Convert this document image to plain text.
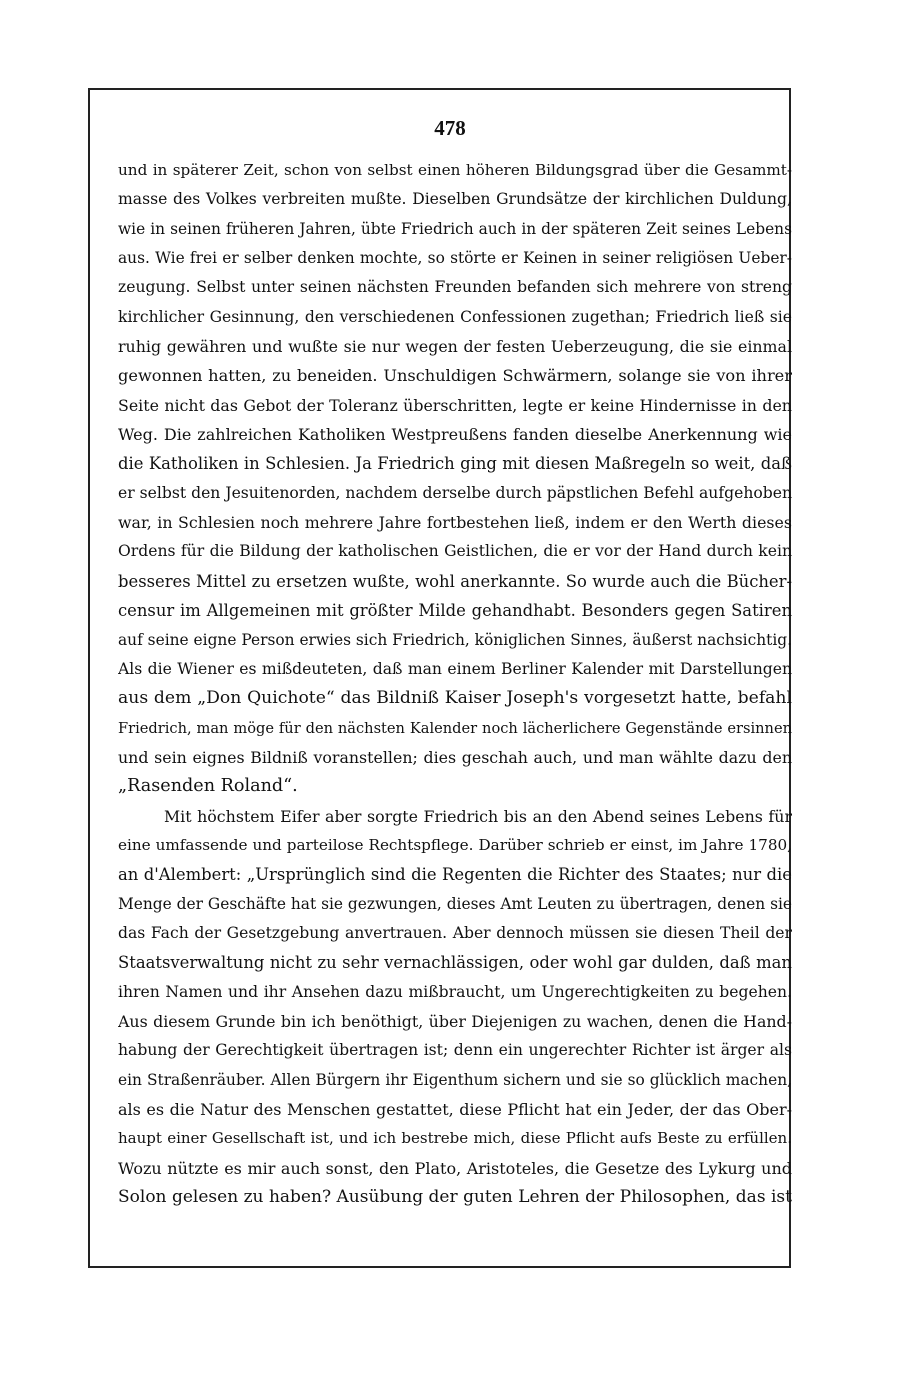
478
und in späterer Zeit, schon von selbst einen höheren Bildungsgrad über die Gesammt-
masse des Volkes verbreiten mußte. Dieselben Grundsätze der kirchlichen Duldung,
wie in seinen früheren Jahren, übte Friedrich auch in der späteren Zeit seines Lebens
aus. Wie frei er selber denken mochte, so störte er Keinen in seiner religiösen Ueber-
zeugung. Selbst unter seinen nächsten Freunden befanden sich mehrere von streng
kirchlicher Gesinnung, den verschiedenen Confessionen zugethan; Friedrich ließ sie
ruhig gewähren und wußte sie nur wegen der festen Ueberzeugung, die sie einmal
gewonnen hatten, zu beneiden. Unschuldigen Schwärmern, solange sie von ihrer
Seite nicht das Gebot der Toleranz überschritten, legte er keine Hindernisse in den
Weg. Die zahlreichen Katholiken Westpreußens fanden dieselbe Anerkennung wie
die Katholiken in Schlesien. Ja Friedrich ging mit diesen Maßregeln so weit, daß
er selbst den Jesuitenorden, nachdem derselbe durch päpstlichen Befehl aufgehoben
war, in Schlesien noch mehrere Jahre fortbestehen ließ, indem er den Werth dieses
Ordens für die Bildung der katholischen Geistlichen, die er vor der Hand durch kein
besseres Mittel zu ersetzen wußte, wohl anerkannte. So wurde auch die Bücher-
censur im Allgemeinen mit größter Milde gehandhabt. Besonders gegen Satiren
auf seine eigne Person erwies sich Friedrich, königlichen Sinnes, äußerst nachsichtig.
Als die Wiener es mißdeuteten, daß man einem Berliner Kalender mit Darstellungen
aus dem „Don Quichote“ das Bildniß Kaiser Joseph's vorgesetzt hatte, befahl
Friedrich, man möge für den nächsten Kalender noch lächerlichere Gegenstände ersinnen
und sein eignes Bildniß voranstellen; dies geschah auch, und man wählte dazu den
„Rasenden Roland“.
Mit höchstem Eifer aber sorgte Friedrich bis an den Abend seines Lebens für
eine umfassende und parteilose Rechtspflege. Darüber schrieb er einst, im Jahre 1780,
an d'Alembert: „Ursprünglich sind die Regenten die Richter des Staates; nur die
Menge der Geschäfte hat sie gezwungen, dieses Amt Leuten zu übertragen, denen sie
das Fach der Gesetzgebung anvertrauen. Aber dennoch müssen sie diesen Theil der
Staatsverwaltung nicht zu sehr vernachlässigen, oder wohl gar dulden, daß man
ihren Namen und ihr Ansehen dazu mißbraucht, um Ungerechtigkeiten zu begehen.
Aus diesem Grunde bin ich benöthigt, über Diejenigen zu wachen, denen die Hand-
habung der Gerechtigkeit übertragen ist; denn ein ungerechter Richter ist ärger als
ein Straßenräuber. Allen Bürgern ihr Eigenthum sichern und sie so glücklich machen,
als es die Natur des Menschen gestattet, diese Pflicht hat ein Jeder, der das Ober-
haupt einer Gesellschaft ist, und ich bestrebe mich, diese Pflicht aufs Beste zu erfüllen.
Wozu nützte es mir auch sonst, den Plato, Aristoteles, die Gesetze des Lykurg und
Solon gelesen zu haben? Ausübung der guten Lehren der Philosophen, das ist
